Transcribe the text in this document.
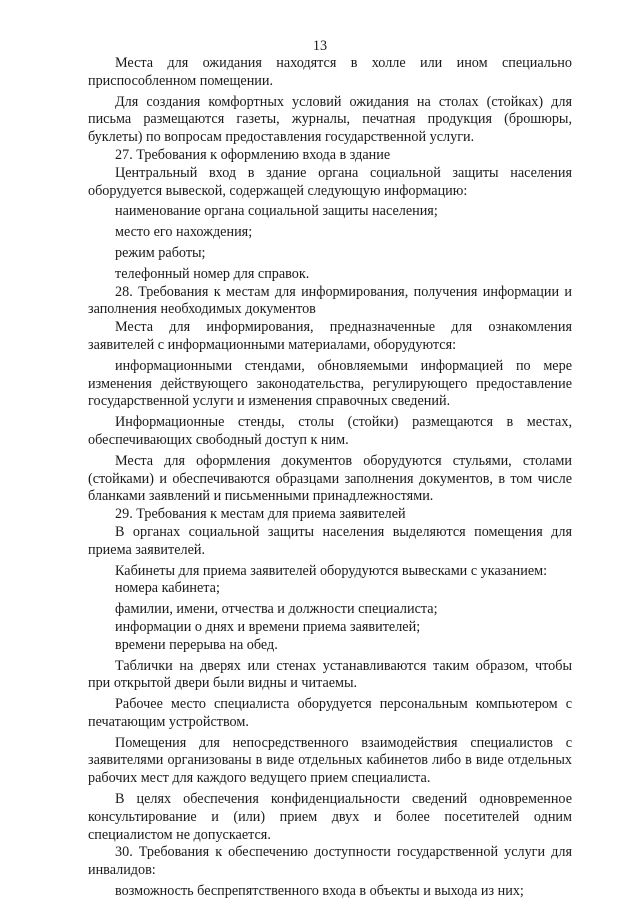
13

Места для ожидания находятся в холле или ином специально приспособленном помещении.

Для создания комфортных условий ожидания на столах (стойках) для письма размещаются газеты, журналы, печатная продукция (брошюры, буклеты) по вопросам предоставления государственной услуги.

27. Требования к оформлению входа в здание

Центральный вход в здание органа социальной защиты населения оборудуется вывеской, содержащей следующую информацию:

наименование органа социальной защиты населения;

место его нахождения;

режим работы;

телефонный номер для справок.

28. Требования к местам для информирования, получения информации и заполнения необходимых документов

Места для информирования, предназначенные для ознакомления заявителей с информационными материалами, оборудуются:

информационными стендами, обновляемыми информацией по мере изменения действующего законодательства, регулирующего предоставление государственной услуги и изменения справочных сведений.

Информационные стенды, столы (стойки) размещаются в местах, обеспечивающих свободный доступ к ним.

Места для оформления документов оборудуются стульями, столами (стойками) и обеспечиваются образцами заполнения документов, в том числе бланками заявлений и письменными принадлежностями.

29. Требования к местам для приема заявителей

В органах социальной защиты населения выделяются помещения для приема заявителей.

Кабинеты для приема заявителей оборудуются вывесками с указанием:

номера кабинета;

фамилии, имени, отчества и должности специалиста;

информации о днях и времени приема заявителей;

времени перерыва на обед.

Таблички на дверях или стенах устанавливаются таким образом, чтобы при открытой двери были видны и читаемы.

Рабочее место специалиста оборудуется персональным компьютером с печатающим устройством.

Помещения для непосредственного взаимодействия специалистов с заявителями организованы в виде отдельных кабинетов либо в виде отдельных рабочих мест для каждого ведущего прием специалиста.

В целях обеспечения конфиденциальности сведений одновременное консультирование и (или) прием двух и более посетителей одним специалистом не допускается.

30. Требования к обеспечению доступности государственной услуги для инвалидов:

возможность беспрепятственного входа в объекты и выхода из них;
